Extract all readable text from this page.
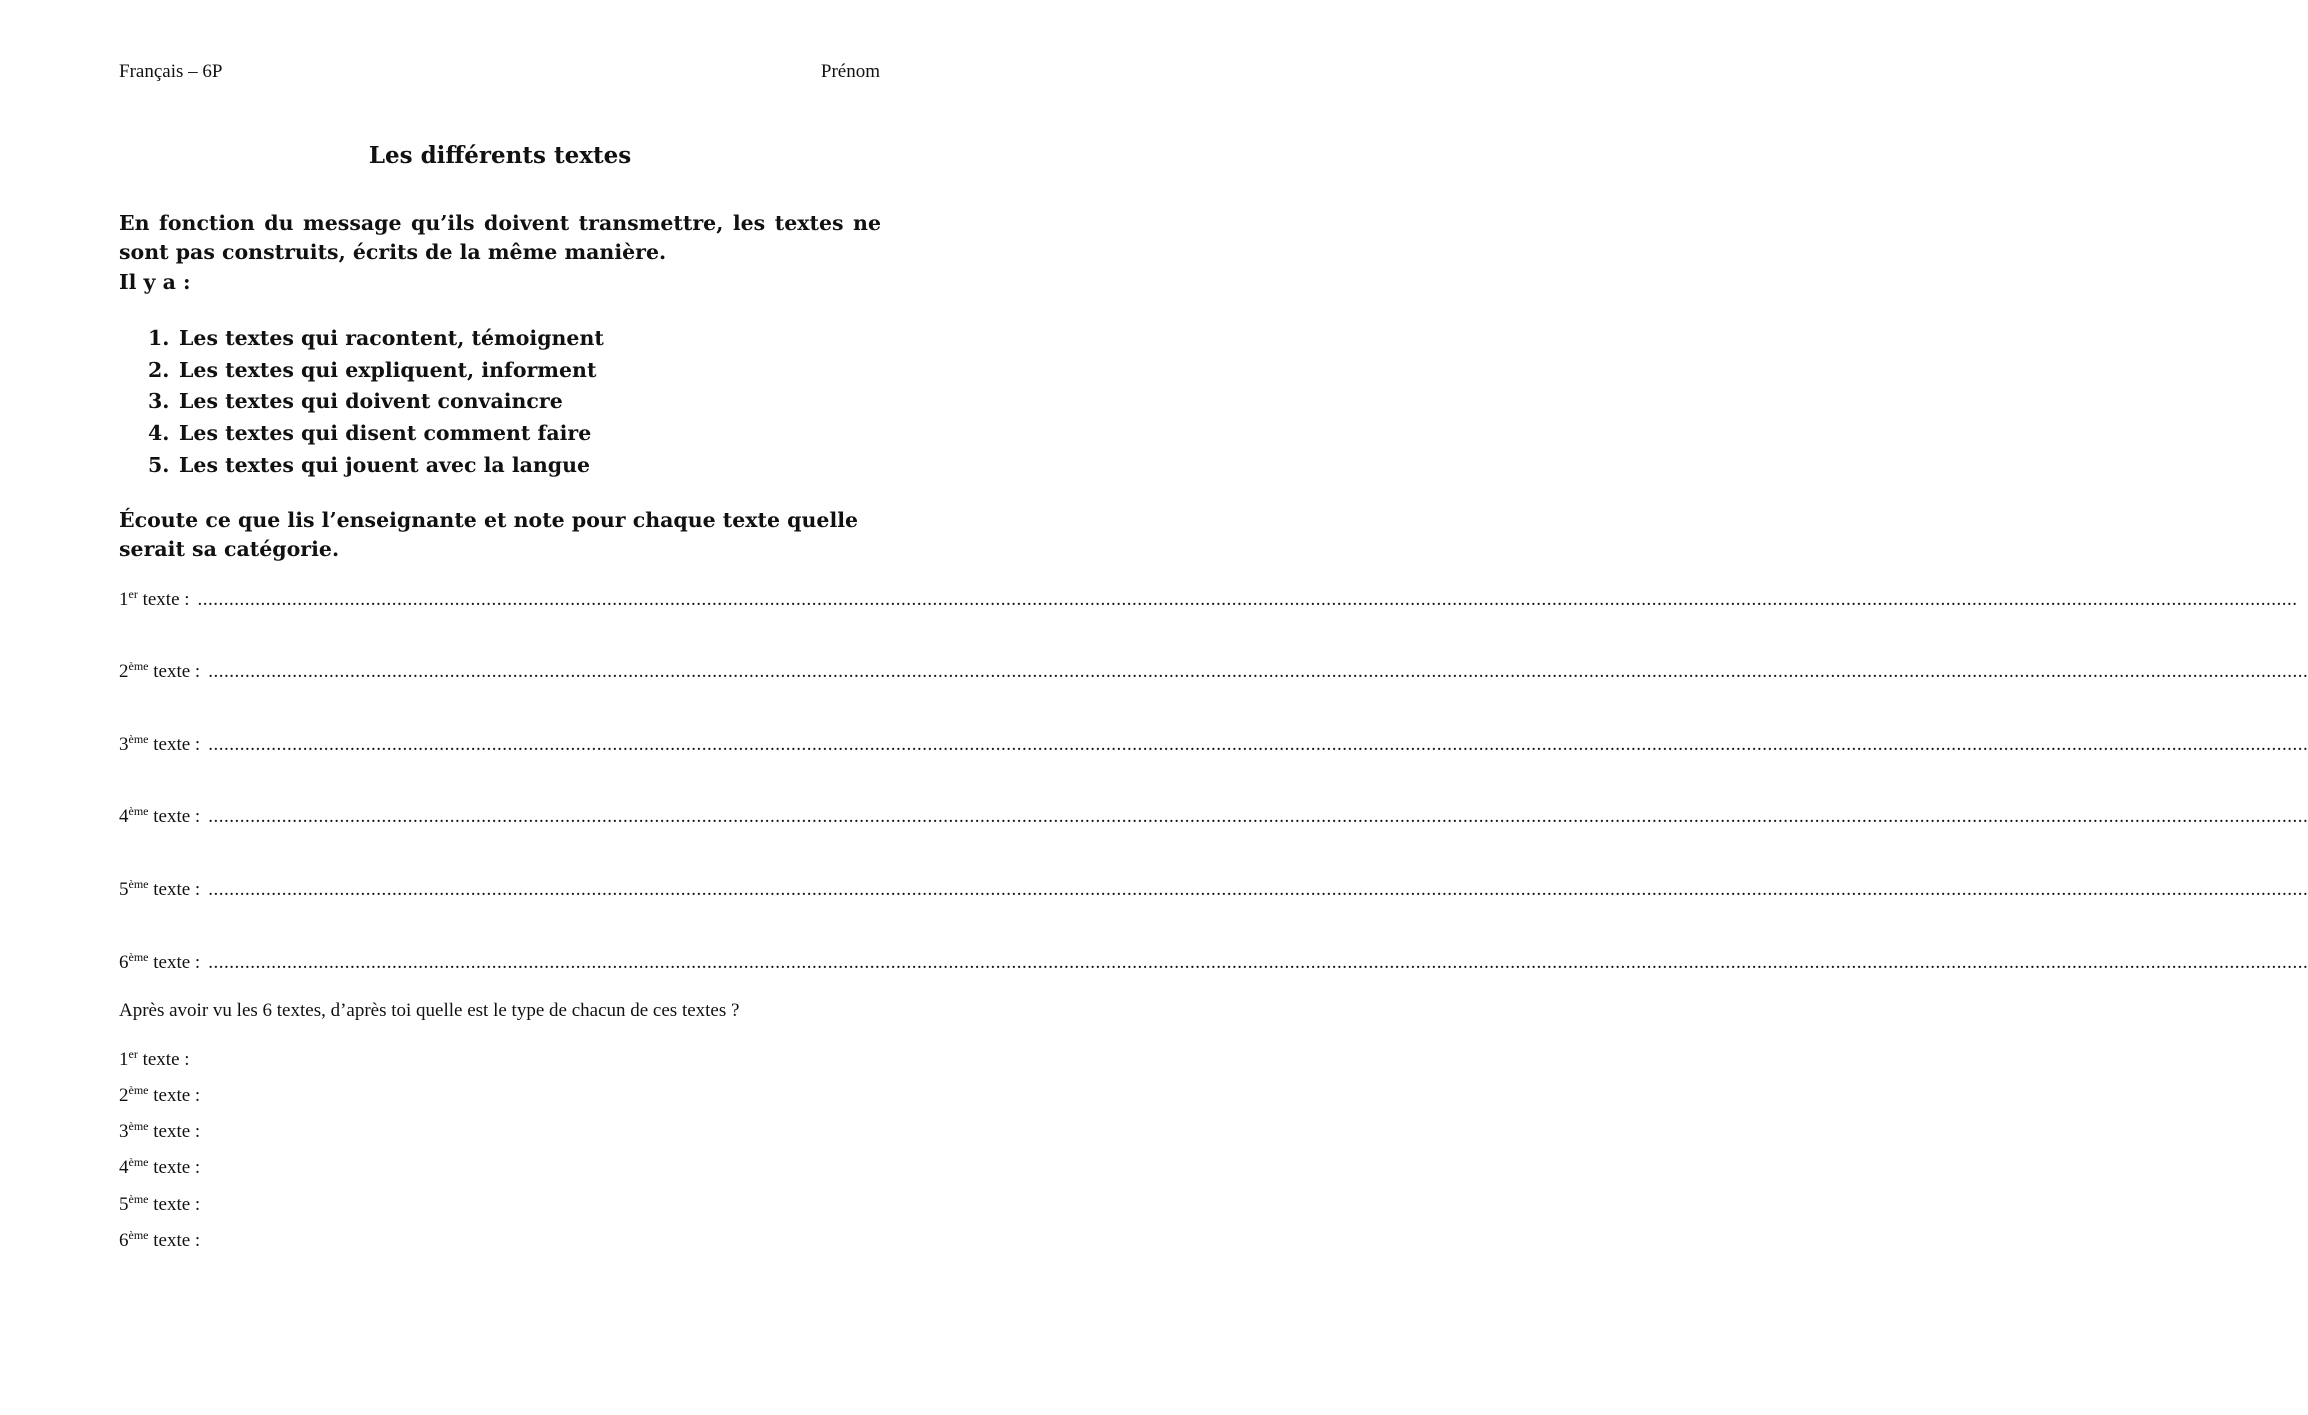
Français – 6P	Prénom
Les différents textes
En fonction du message qu’ils doivent transmettre, les textes ne sont pas construits, écrits de la même manière.
Il y a :
1. Les textes qui racontent, témoignent
2. Les textes qui expliquent, informent
3. Les textes qui doivent convaincre
4. Les textes qui disent comment faire
5. Les textes qui jouent avec la langue
Écoute ce que lis l’enseignante et note pour chaque texte quelle serait sa catégorie.
1er texte : ................................................................................................................................................................................................................................................................................................................................................................................................................
2ème texte : ................................................................................................................................................................................................................................................................................................................................................................................................................
3ème texte : ................................................................................................................................................................................................................................................................................................................................................................................................................
4ème texte : ................................................................................................................................................................................................................................................................................................................................................................................................................
5ème texte : ................................................................................................................................................................................................................................................................................................................................................................................................................
6ème texte : ................................................................................................................................................................................................................................................................................................................................................................................................................
Après avoir vu les 6 textes, d’après toi quelle est le type de chacun de ces textes ?
1er texte :
2ème texte :
3ème texte :
4ème texte :
5ème texte :
6ème texte :
